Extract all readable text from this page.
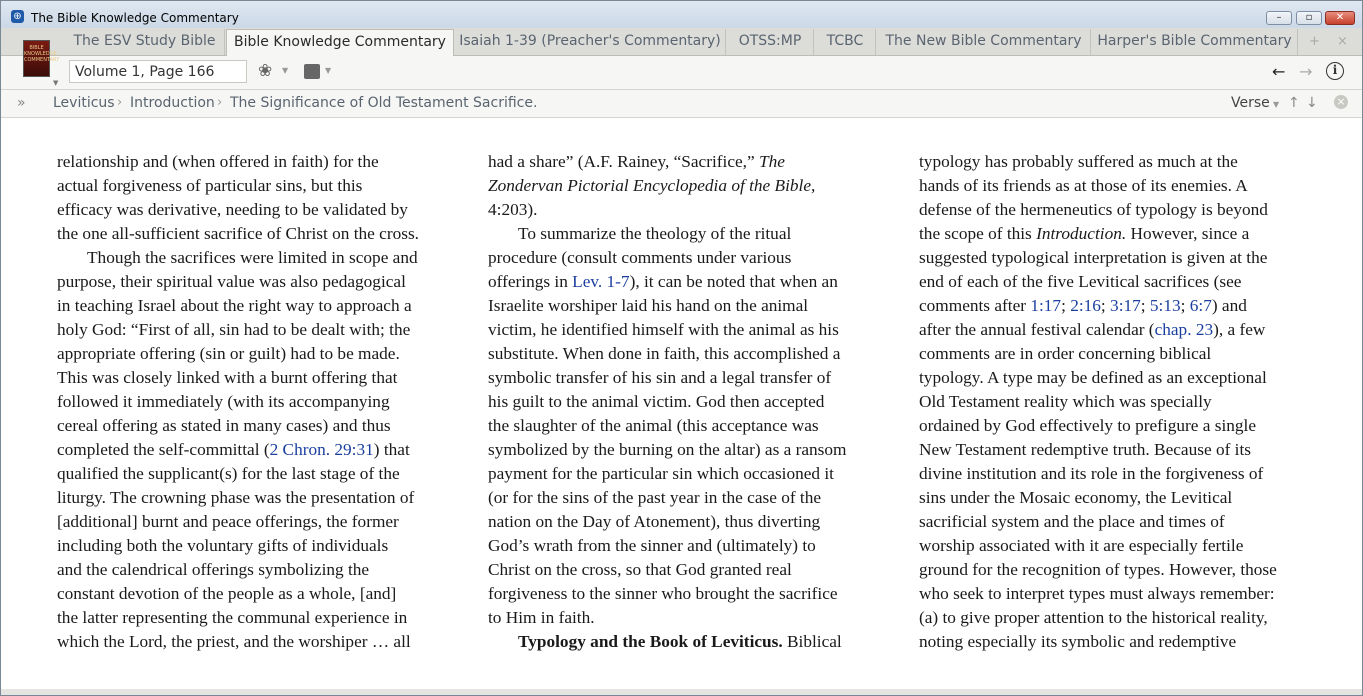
⊕ The Bible Knowledge Commentary	–	▫	✕
The ESV Study Bible	Bible Knowledge Commentary Isaiah 1-39 (Preacher's Commentary)	OTSS:MP	TCBC	The New Bible Commentary	Harper's Bible Commentary	+ ×
BIBLE KNOWLEDGE COMMENTARY
▼
Volume 1, Page 166
❀ ▼	▼	← →	i
» Leviticus › Introduction › The Significance of Old Testament Sacrifice.	Verse ▼ ↑ ↓ ×
relationship and (when offered in faith) for the
actual forgiveness of particular sins, but this
efficacy was derivative, needing to be validated by
the one all-sufficient sacrifice of Christ on the cross.
Though the sacrifices were limited in scope and
purpose, their spiritual value was also pedagogical
in teaching Israel about the right way to approach a
holy God: “First of all, sin had to be dealt with; the
appropriate offering (sin or guilt) had to be made.
This was closely linked with a burnt offering that
followed it immediately (with its accompanying
cereal offering as stated in many cases) and thus
completed the self-committal (2 Chron. 29:31) that
qualified the supplicant(s) for the last stage of the
liturgy. The crowning phase was the presentation of
[additional] burnt and peace offerings, the former
including both the voluntary gifts of individuals
and the calendrical offerings symbolizing the
constant devotion of the people as a whole, [and]
the latter representing the communal experience in
which the Lord, the priest, and the worshiper … all
had a share” (A.F. Rainey, “Sacrifice,” The
Zondervan Pictorial Encyclopedia of the Bible,
4:203).
To summarize the theology of the ritual
procedure (consult comments under various
offerings in Lev. 1-7), it can be noted that when an
Israelite worshiper laid his hand on the animal
victim, he identified himself with the animal as his
substitute. When done in faith, this accomplished a
symbolic transfer of his sin and a legal transfer of
his guilt to the animal victim. God then accepted
the slaughter of the animal (this acceptance was
symbolized by the burning on the altar) as a ransom
payment for the particular sin which occasioned it
(or for the sins of the past year in the case of the
nation on the Day of Atonement), thus diverting
God’s wrath from the sinner and (ultimately) to
Christ on the cross, so that God granted real
forgiveness to the sinner who brought the sacrifice
to Him in faith.
Typology and the Book of Leviticus. Biblical
typology has probably suffered as much at the
hands of its friends as at those of its enemies. A
defense of the hermeneutics of typology is beyond
the scope of this Introduction. However, since a
suggested typological interpretation is given at the
end of each of the five Levitical sacrifices (see
comments after 1:17; 2:16; 3:17; 5:13; 6:7) and
after the annual festival calendar (chap. 23), a few
comments are in order concerning biblical
typology. A type may be defined as an exceptional
Old Testament reality which was specially
ordained by God effectively to prefigure a single
New Testament redemptive truth. Because of its
divine institution and its role in the forgiveness of
sins under the Mosaic economy, the Levitical
sacrificial system and the place and times of
worship associated with it are especially fertile
ground for the recognition of types. However, those
who seek to interpret types must always remember:
(a) to give proper attention to the historical reality,
noting especially its symbolic and redemptive
